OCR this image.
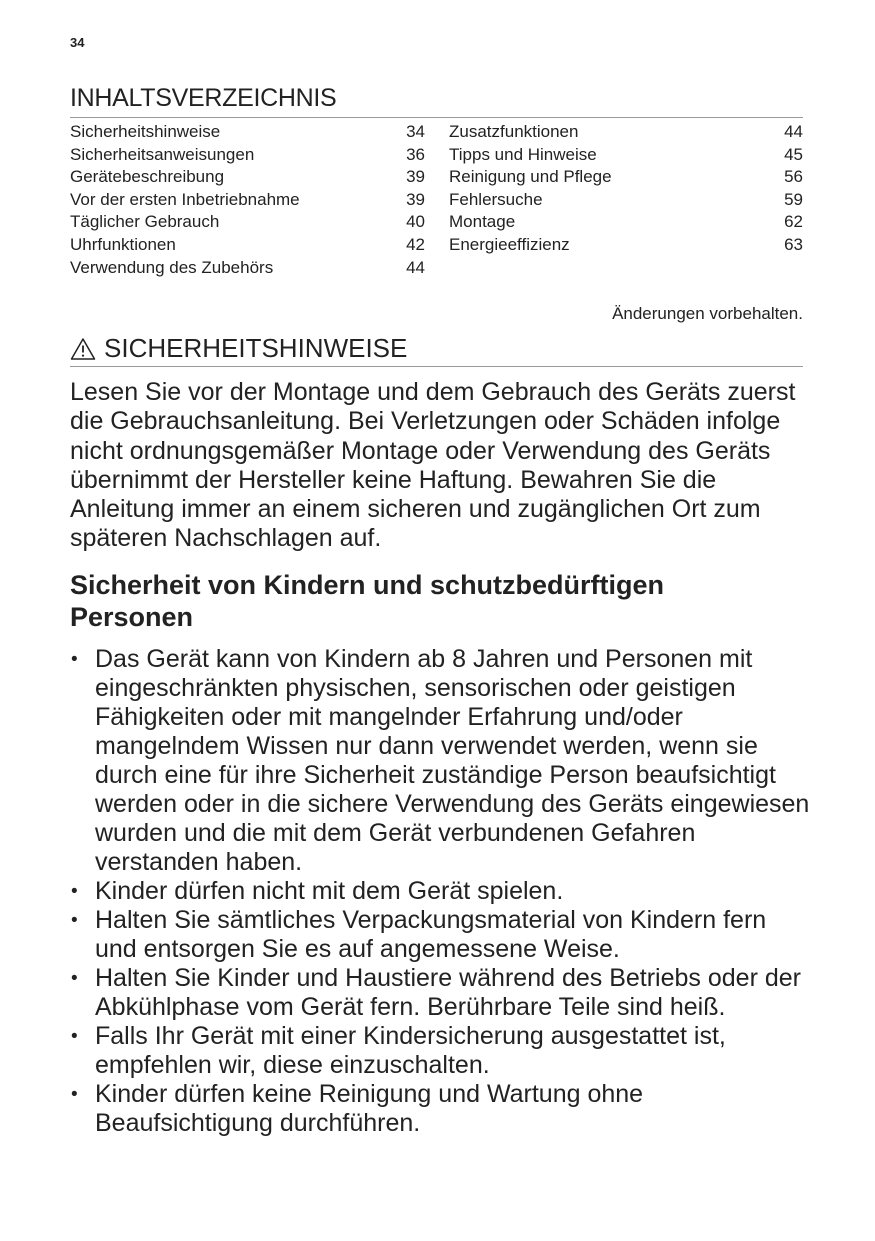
34
INHALTSVERZEICHNIS
Sicherheitshinweise	34
Sicherheitsanweisungen	36
Gerätebeschreibung	39
Vor der ersten Inbetriebnahme	39
Täglicher Gebrauch	40
Uhrfunktionen	42
Verwendung des Zubehörs	44
Zusatzfunktionen	44
Tipps und Hinweise	45
Reinigung und Pflege	56
Fehlersuche	59
Montage	62
Energieeffizienz	63
Änderungen vorbehalten.
SICHERHEITSHINWEISE
Lesen Sie vor der Montage und dem Gebrauch des Geräts zuerst die Gebrauchsanleitung. Bei Verletzungen oder Schäden infolge nicht ordnungsgemäßer Montage oder Verwendung des Geräts übernimmt der Hersteller keine Haftung. Bewahren Sie die Anleitung immer an einem sicheren und zugänglichen Ort zum späteren Nachschlagen auf.
Sicherheit von Kindern und schutzbedürftigen Personen
• Das Gerät kann von Kindern ab 8 Jahren und Personen mit eingeschränkten physischen, sensorischen oder geistigen Fähigkeiten oder mit mangelnder Erfahrung und/oder mangelndem Wissen nur dann verwendet werden, wenn sie durch eine für ihre Sicherheit zuständige Person beaufsichtigt werden oder in die sichere Verwendung des Geräts eingewiesen wurden und die mit dem Gerät verbundenen Gefahren verstanden haben.
• Kinder dürfen nicht mit dem Gerät spielen.
• Halten Sie sämtliches Verpackungsmaterial von Kindern fern und entsorgen Sie es auf angemessene Weise.
• Halten Sie Kinder und Haustiere während des Betriebs oder der Abkühlphase vom Gerät fern. Berührbare Teile sind heiß.
• Falls Ihr Gerät mit einer Kindersicherung ausgestattet ist, empfehlen wir, diese einzuschalten.
• Kinder dürfen keine Reinigung und Wartung ohne Beaufsichtigung durchführen.
